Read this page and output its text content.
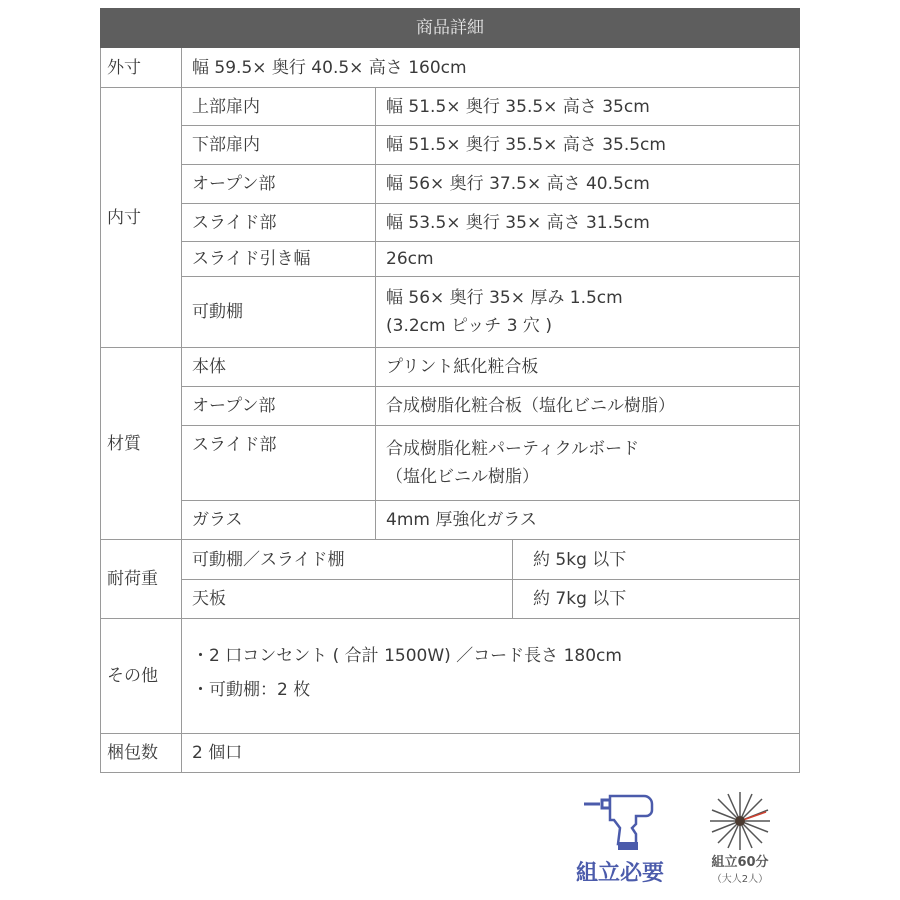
商品詳細			
外寸	幅 59.5× 奥行 40.5× 高さ 160cm		
内寸	上部扉内	幅 51.5× 奥行 35.5× 高さ 35cm	
	下部扉内	幅 51.5× 奥行 35.5× 高さ 35.5cm	
	オープン部	幅 56× 奥行 37.5× 高さ 40.5cm	
	スライド部	幅 53.5× 奥行 35× 高さ 31.5cm	
	スライド引き幅	26cm	
	可動棚	幅 56× 奥行 35× 厚み 1.5cm
(3.2cm ピッチ 3 穴 )	

材質	本体	プリント紙化粧合板	
	オープン部	合成樹脂化粧合板（塩化ビニル樹脂）	
	スライド部	合成樹脂化粧パーティクルボード
（塩化ビニル樹脂）	

	ガラス	4mm 厚強化ガラス	
耐荷重	可動棚／スライド棚		約 5kg 以下
	天板		約 7kg 以下
その他	・2 口コンセント ( 合計 1500W) ／コード長さ 180cm
・可動棚：2 枚		

梱包数	2 個口		
組立必要	組立60分
（大人2人）
